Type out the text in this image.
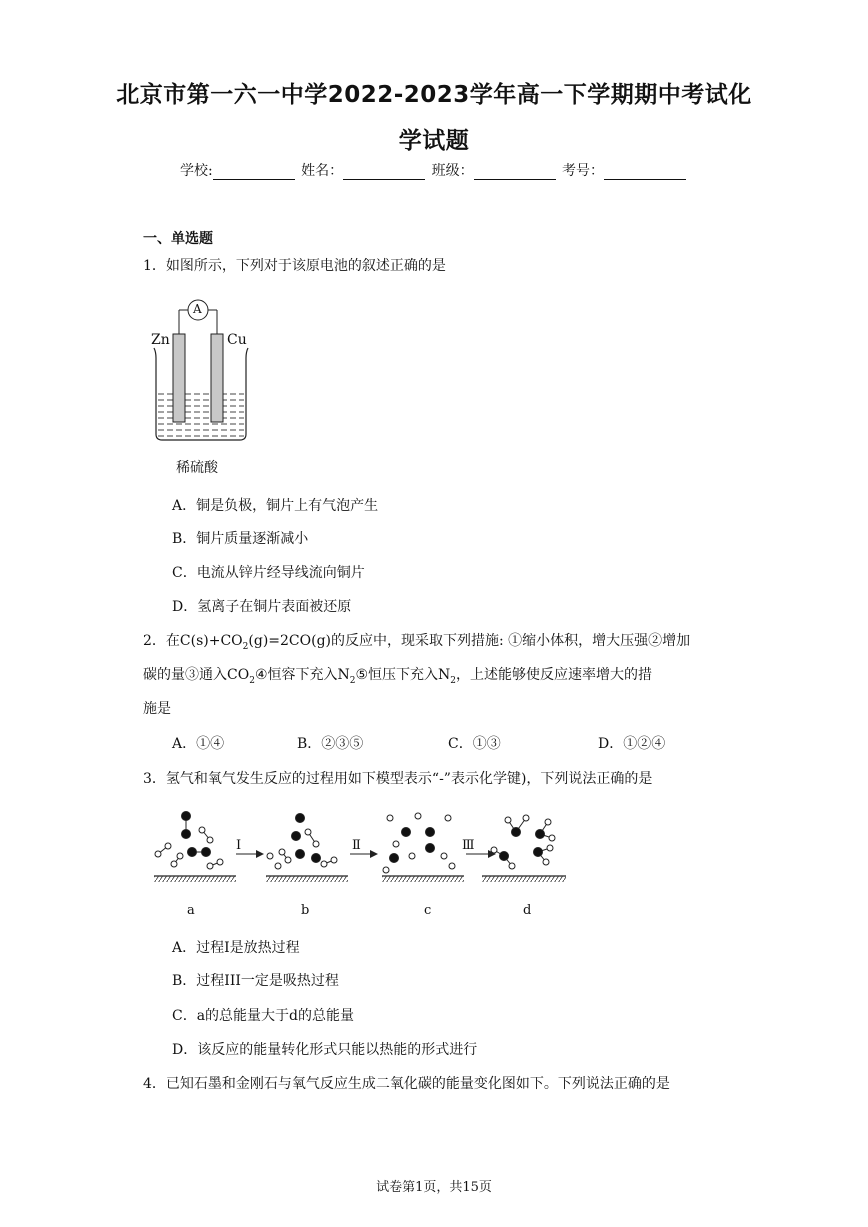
北京市第一六一中学2022-2023学年高一下学期期中考试化
学试题
学校:	姓名：	班级：	考号：
一、单选题
1．如图所示，下列对于该原电池的叙述正确的是
A
Zn	Cu
稀硫酸
A．铜是负极，铜片上有气泡产生
B．铜片质量逐渐减小
C．电流从锌片经导线流向铜片
D．氢离子在铜片表面被还原
2．在$C(s)+CO_2(g)=2CO(g)$的反应中，现采取下列措施: ①缩小体积，增大压强②增加
碳的量③通入$CO_2④$恒容下充入$N_2⑤$恒压下充入$N_2$，上述能够使反应速率增大的措
施是
A．①④	B．②③⑤	C．①③	D．①②④
3．氢气和氧气发生反应的过程用如下模型表示“-”表示化学键)，下列说法正确的是
I	Ⅱ	Ⅲ
a	b	c	d
A．过程I是放热过程
B．过程III一定是吸热过程
C．a的总能量大于d的总能量
D．该反应的能量转化形式只能以热能的形式进行
4．已知石墨和金刚石与氧气反应生成二氧化碳的能量变化图如下。下列说法正确的是
试卷第1页，共15页
